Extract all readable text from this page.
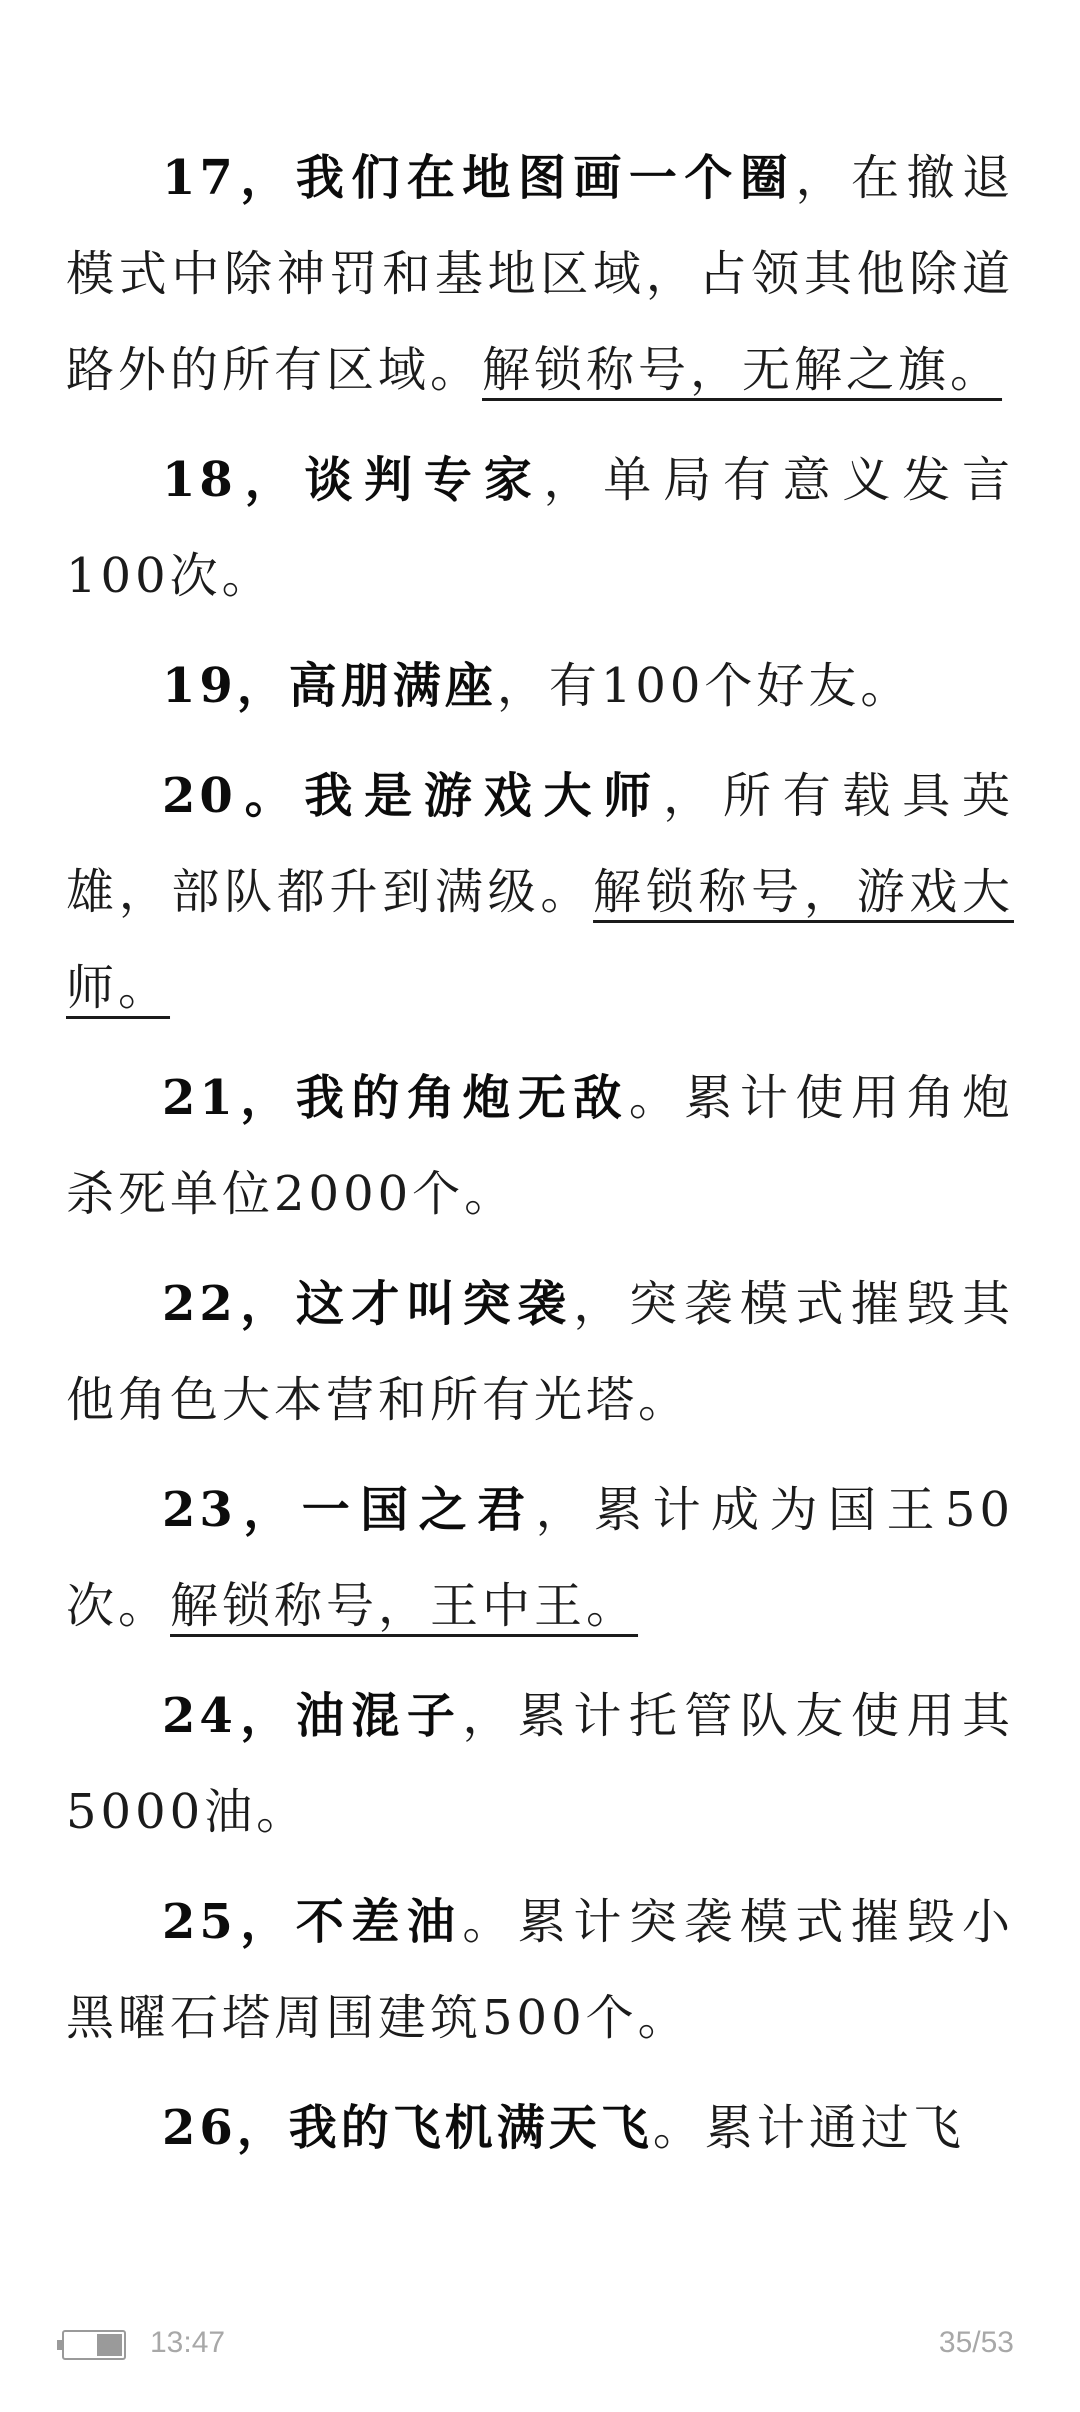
17，我们在地图画一个圈，在撤退模式中除神罚和基地区域，占领其他除道路外的所有区域。解锁称号，无解之旗。

18，谈判专家，单局有意义发言100次。

19，高朋满座，有100个好友。

20。我是游戏大师，所有载具英雄，部队都升到满级。解锁称号，游戏大师。

21，我的角炮无敌。累计使用角炮杀死单位2000个。

22，这才叫突袭，突袭模式摧毁其他角色大本营和所有光塔。

23，一国之君，累计成为国王50次。解锁称号，王中王。

24，油混子，累计托管队友使用其5000油。

25，不差油。累计突袭模式摧毁小黑曜石塔周围建筑500个。

26，我的飞机满天飞。累计通过飞

13:47	35/53
